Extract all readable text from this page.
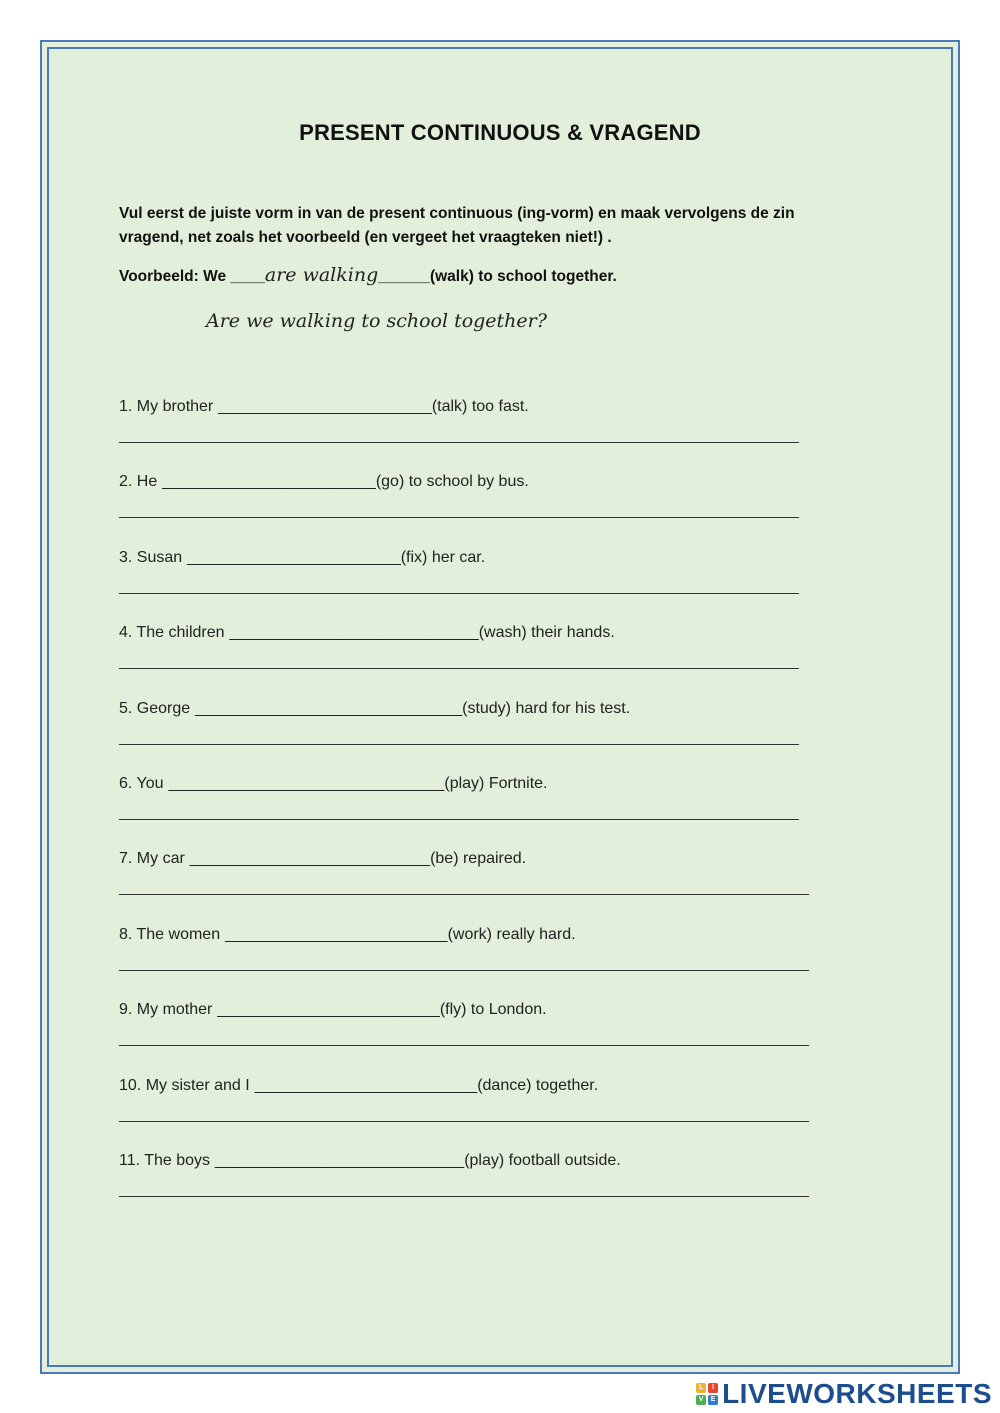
PRESENT CONTINUOUS & VRAGEND
Vul eerst de juiste vorm in van de present continuous (ing-vorm) en maak vervolgens de zin vragend, net zoals het voorbeeld (en vergeet het vraagteken niet!) .
Voorbeeld: We ____are walking______(walk) to school together.
Are we walking to school together?
1. My brother ________________________(talk) too fast.
2. He ________________________(go) to school by bus.
3. Susan ________________________(fix) her car.
4. The children ____________________________(wash) their hands.
5. George ______________________________(study) hard for his test.
6. You _______________________________(play) Fortnite.
7. My car ___________________________(be) repaired.
8. The women _________________________(work) really hard.
9. My mother _________________________(fly) to London.
10. My sister and I _________________________(dance) together.
11. The boys ____________________________(play) football outside.
L	I
V	E LIVEWORKSHEETS
